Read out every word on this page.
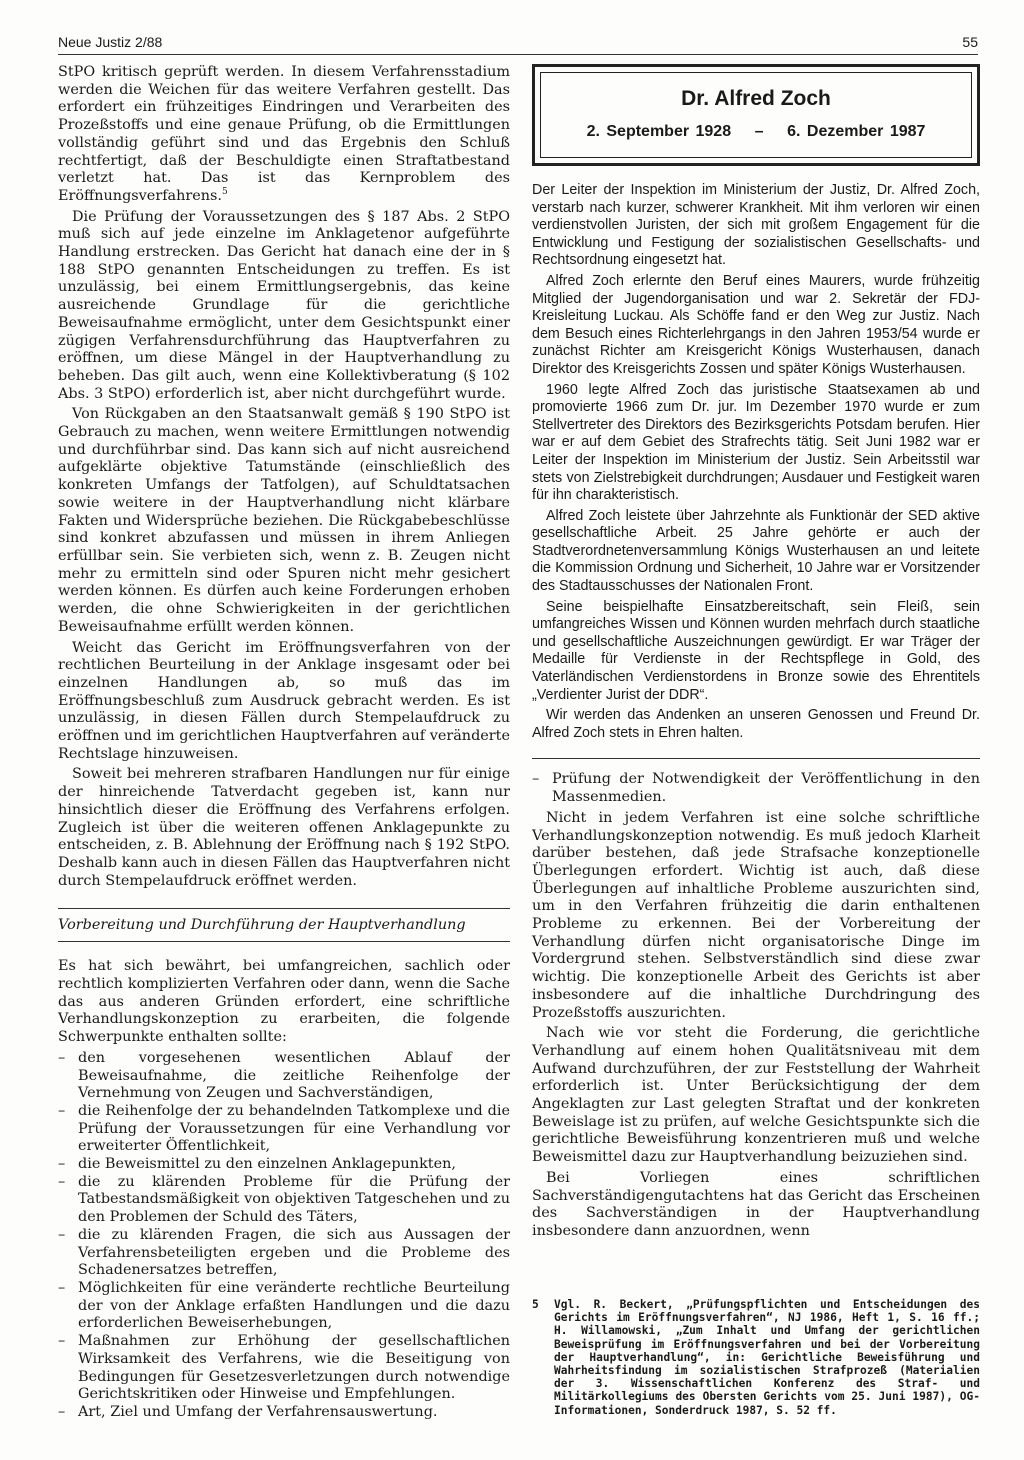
Neue Justiz 2/88	55

StPO kritisch geprüft werden. In diesem Verfahrensstadium werden die Weichen für das weitere Verfahren gestellt. Das erfordert ein frühzeitiges Eindringen und Verarbeiten des Prozeßstoffs und eine genaue Prüfung, ob die Ermittlungen vollständig geführt sind und das Ergebnis den Schluß rechtfertigt, daß der Beschuldigte einen Straftatbestand verletzt hat. Das ist das Kernproblem des Eröffnungsverfahrens.$^5$

Die Prüfung der Voraussetzungen des § 187 Abs. 2 StPO muß sich auf jede einzelne im Anklagetenor aufgeführte Handlung erstrecken. Das Gericht hat danach eine der in § 188 StPO genannten Entscheidungen zu treffen. Es ist unzulässig, bei einem Ermittlungsergebnis, das keine ausreichende Grundlage für die gerichtliche Beweisaufnahme ermöglicht, unter dem Gesichtspunkt einer zügigen Verfahrensdurchführung das Hauptverfahren zu eröffnen, um diese Mängel in der Hauptverhandlung zu beheben. Das gilt auch, wenn eine Kollektivberatung (§ 102 Abs. 3 StPO) erforderlich ist, aber nicht durchgeführt wurde.

Von Rückgaben an den Staatsanwalt gemäß § 190 StPO ist Gebrauch zu machen, wenn weitere Ermittlungen notwendig und durchführbar sind. Das kann sich auf nicht ausreichend aufgeklärte objektive Tatumstände (einschließlich des konkreten Umfangs der Tatfolgen), auf Schuldtatsachen sowie weitere in der Hauptverhandlung nicht klärbare Fakten und Widersprüche beziehen. Die Rückgabebeschlüsse sind konkret abzufassen und müssen in ihrem Anliegen erfüllbar sein. Sie verbieten sich, wenn z. B. Zeugen nicht mehr zu ermitteln sind oder Spuren nicht mehr gesichert werden können. Es dürfen auch keine Forderungen erhoben werden, die ohne Schwierigkeiten in der gerichtlichen Beweisaufnahme erfüllt werden können.

Weicht das Gericht im Eröffnungsverfahren von der rechtlichen Beurteilung in der Anklage insgesamt oder bei einzelnen Handlungen ab, so muß das im Eröffnungsbeschluß zum Ausdruck gebracht werden. Es ist unzulässig, in diesen Fällen durch Stempelaufdruck zu eröffnen und im gerichtlichen Hauptverfahren auf veränderte Rechtslage hinzuweisen.

Soweit bei mehreren strafbaren Handlungen nur für einige der hinreichende Tatverdacht gegeben ist, kann nur hinsichtlich dieser die Eröffnung des Verfahrens erfolgen. Zugleich ist über die weiteren offenen Anklagepunkte zu entscheiden, z. B. Ablehnung der Eröffnung nach § 192 StPO. Deshalb kann auch in diesen Fällen das Hauptverfahren nicht durch Stempelaufdruck eröffnet werden.

Vorbereitung und Durchführung der Hauptverhandlung

Es hat sich bewährt, bei umfangreichen, sachlich oder rechtlich komplizierten Verfahren oder dann, wenn die Sache das aus anderen Gründen erfordert, eine schriftliche Verhandlungskonzeption zu erarbeiten, die folgende Schwerpunkte enthalten sollte:

– den vorgesehenen wesentlichen Ablauf der Beweisaufnahme, die zeitliche Reihenfolge der Vernehmung von Zeugen und Sachverständigen,
– die Reihenfolge der zu behandelnden Tatkomplexe und die Prüfung der Voraussetzungen für eine Verhandlung vor erweiterter Öffentlichkeit,
– die Beweismittel zu den einzelnen Anklagepunkten,
– die zu klärenden Probleme für die Prüfung der Tatbestandsmäßigkeit von objektiven Tatgeschehen und zu den Problemen der Schuld des Täters,
– die zu klärenden Fragen, die sich aus Aussagen der Verfahrensbeteiligten ergeben und die Probleme des Schadenersatzes betreffen,
– Möglichkeiten für eine veränderte rechtliche Beurteilung der von der Anklage erfaßten Handlungen und die dazu erforderlichen Beweiserhebungen,
– Maßnahmen zur Erhöhung der gesellschaftlichen Wirksamkeit des Verfahrens, wie die Beseitigung von Bedingungen für Gesetzesverletzungen durch notwendige Gerichtskritiken oder Hinweise und Empfehlungen.
– Art, Ziel und Umfang der Verfahrensauswertung.
Dr. Alfred Zoch
2. September 1928 – 6. Dezember 1987

Der Leiter der Inspektion im Ministerium der Justiz, Dr. Alfred Zoch, verstarb nach kurzer, schwerer Krankheit. Mit ihm verloren wir einen verdienstvollen Juristen, der sich mit großem Engagement für die Entwicklung und Festigung der sozialistischen Gesellschafts- und Rechtsordnung eingesetzt hat.

Alfred Zoch erlernte den Beruf eines Maurers, wurde frühzeitig Mitglied der Jugendorganisation und war 2. Sekretär der FDJ-Kreisleitung Luckau. Als Schöffe fand er den Weg zur Justiz. Nach dem Besuch eines Richterlehrgangs in den Jahren 1953/54 wurde er zunächst Richter am Kreisgericht Königs Wusterhausen, danach Direktor des Kreisgerichts Zossen und später Königs Wusterhausen.

1960 legte Alfred Zoch das juristische Staatsexamen ab und promovierte 1966 zum Dr. jur. Im Dezember 1970 wurde er zum Stellvertreter des Direktors des Bezirksgerichts Potsdam berufen. Hier war er auf dem Gebiet des Strafrechts tätig. Seit Juni 1982 war er Leiter der Inspektion im Ministerium der Justiz. Sein Arbeitsstil war stets von Zielstrebigkeit durchdrungen; Ausdauer und Festigkeit waren für ihn charakteristisch.

Alfred Zoch leistete über Jahrzehnte als Funktionär der SED aktive gesellschaftliche Arbeit. 25 Jahre gehörte er auch der Stadtverordnetenversammlung Königs Wusterhausen an und leitete die Kommission Ordnung und Sicherheit, 10 Jahre war er Vorsitzender des Stadtausschusses der Nationalen Front.

Seine beispielhafte Einsatzbereitschaft, sein Fleiß, sein umfangreiches Wissen und Können wurden mehrfach durch staatliche und gesellschaftliche Auszeichnungen gewürdigt. Er war Träger der Medaille für Verdienste in der Rechtspflege in Gold, des Vaterländischen Verdienstordens in Bronze sowie des Ehrentitels „Verdienter Jurist der DDR“.

Wir werden das Andenken an unseren Genossen und Freund Dr. Alfred Zoch stets in Ehren halten.

– Prüfung der Notwendigkeit der Veröffentlichung in den Massenmedien.

Nicht in jedem Verfahren ist eine solche schriftliche Verhandlungskonzeption notwendig. Es muß jedoch Klarheit darüber bestehen, daß jede Strafsache konzeptionelle Überlegungen erfordert. Wichtig ist auch, daß diese Überlegungen auf inhaltliche Probleme auszurichten sind, um in den Verfahren frühzeitig die darin enthaltenen Probleme zu erkennen. Bei der Vorbereitung der Verhandlung dürfen nicht organisatorische Dinge im Vordergrund stehen. Selbstverständlich sind diese zwar wichtig. Die konzeptionelle Arbeit des Gerichts ist aber insbesondere auf die inhaltliche Durchdringung des Prozeßstoffs auszurichten.

Nach wie vor steht die Forderung, die gerichtliche Verhandlung auf einem hohen Qualitätsniveau mit dem Aufwand durchzuführen, der zur Feststellung der Wahrheit erforderlich ist. Unter Berücksichtigung der dem Angeklagten zur Last gelegten Straftat und der konkreten Beweislage ist zu prüfen, auf welche Gesichtspunkte sich die gerichtliche Beweisführung konzentrieren muß und welche Beweismittel dazu zur Hauptverhandlung beizuziehen sind.

Bei Vorliegen eines schriftlichen Sachverständigengutachtens hat das Gericht das Erscheinen des Sachverständigen in der Hauptverhandlung insbesondere dann anzuordnen, wenn

5	Vgl. R. Beckert, „Prüfungspflichten und Entscheidungen des Gerichts im Eröffnungsverfahren“, NJ 1986, Heft 1, S. 16 ff.; H. Willamowski, „Zum Inhalt und Umfang der gerichtlichen Beweisprüfung im Eröffnungsverfahren und bei der Vorbereitung der Hauptverhandlung“, in: Gerichtliche Beweisführung und Wahrheitsfindung im sozialistischen Strafprozeß (Materialien der 3. Wissenschaftlichen Konferenz des Straf- und Militärkollegiums des Obersten Gerichts vom 25. Juni 1987), OG-Informationen, Sonderdruck 1987, S. 52 ff.
